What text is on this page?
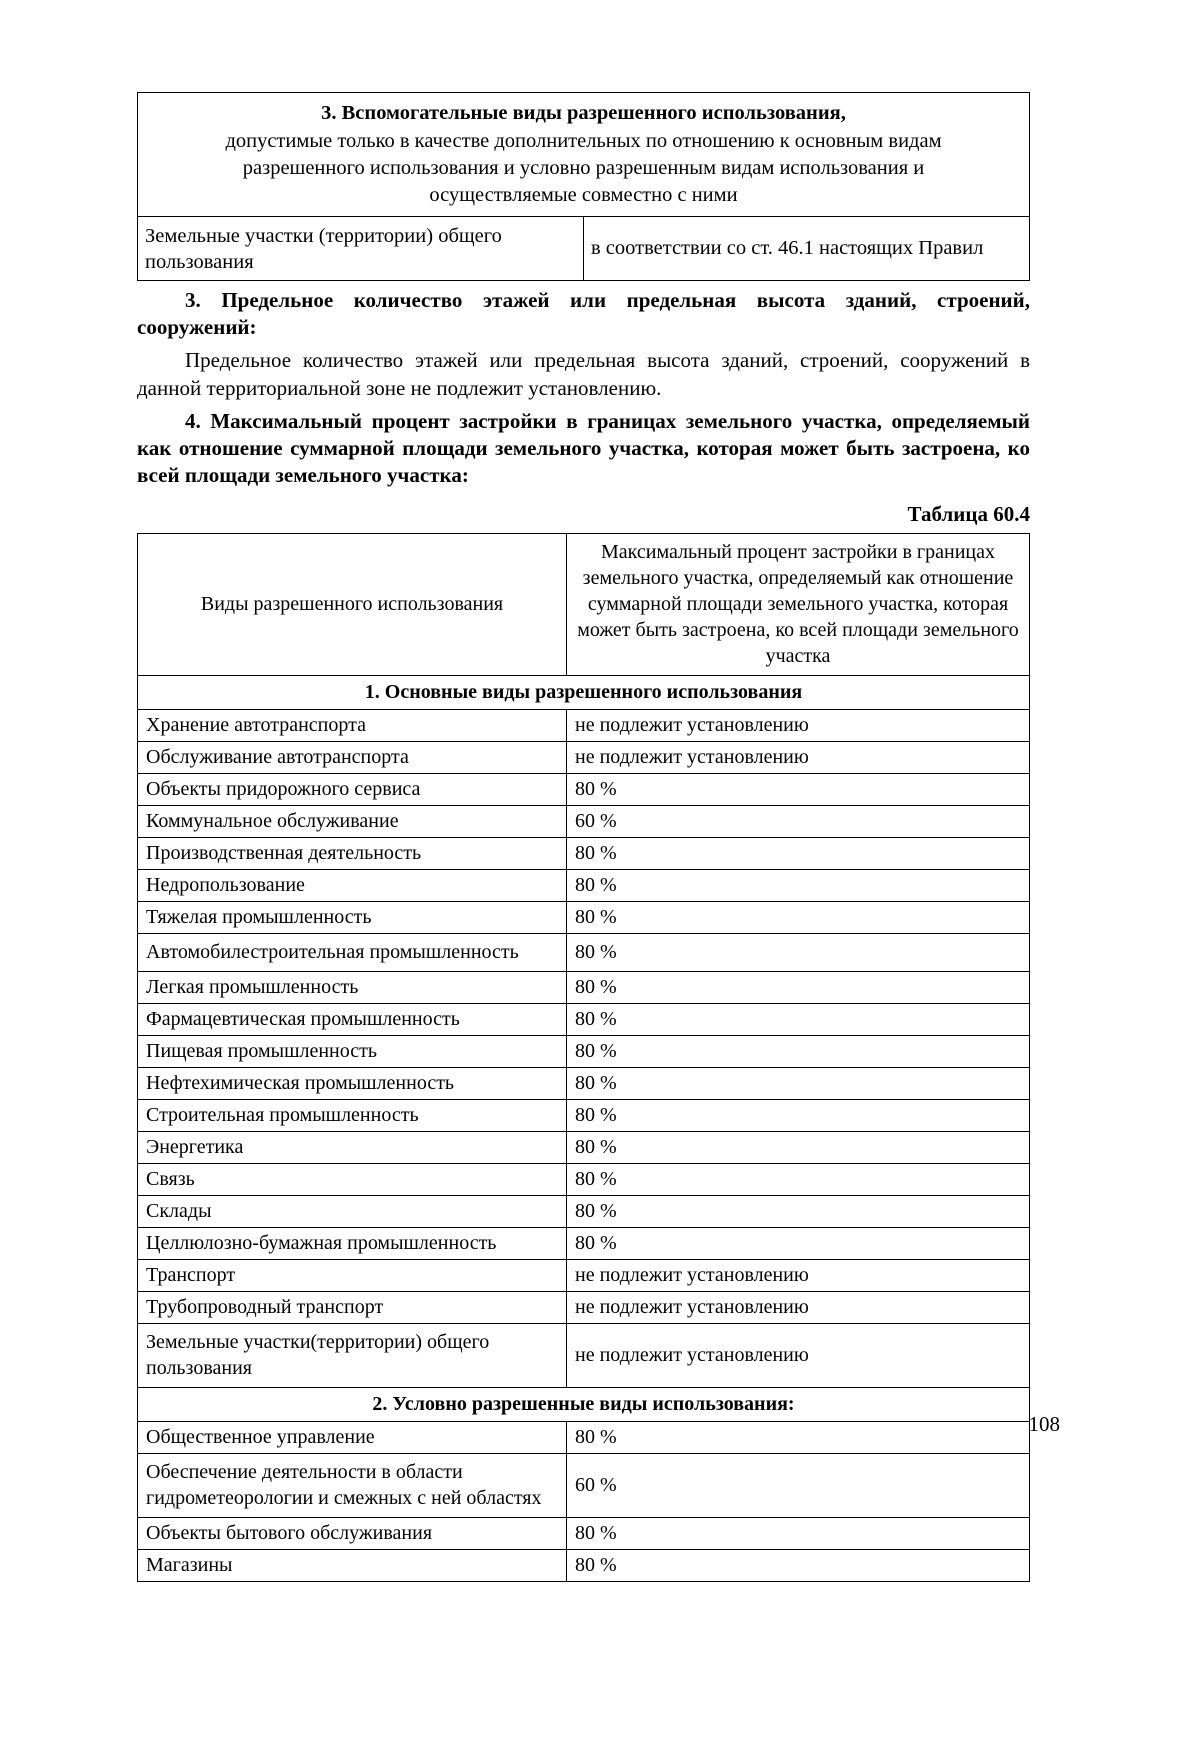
3. Вспомогательные виды разрешенного использования,
допустимые только в качестве дополнительных по отношению к основным видам
разрешенного использования и условно разрешенным видам использования и
осуществляемые совместно с ними

Земельные участки (территории) общего пользования	в соответствии со ст. 46.1 настоящих Правил

3. Предельное количество этажей или предельная высота зданий, строений, сооружений:

Предельное количество этажей или предельная высота зданий, строений, сооружений в данной территориальной зоне не подлежит установлению.

4. Максимальный процент застройки в границах земельного участка, определяемый как отношение суммарной площади земельного участка, которая может быть застроена, ко всей площади земельного участка:

Таблица 60.4

Виды разрешенного использования	Максимальный процент застройки в границах земельного участка, определяемый как отношение суммарной площади земельного участка, которая может быть застроена, ко всей площади земельного участка
1. Основные виды разрешенного использования	
Хранение автотранспорта	не подлежит установлению
Обслуживание автотранспорта	не подлежит установлению
Объекты придорожного сервиса	80 %
Коммунальное обслуживание	60 %
Производственная деятельность	80 %
Недропользование	80 %
Тяжелая промышленность	80 %
Автомобилестроительная промышленность	80 %
Легкая промышленность	80 %
Фармацевтическая промышленность	80 %
Пищевая промышленность	80 %
Нефтехимическая промышленность	80 %
Строительная промышленность	80 %
Энергетика	80 %
Связь	80 %
Склады	80 %
Целлюлозно-бумажная промышленность	80 %
Транспорт	не подлежит установлению
Трубопроводный транспорт	не подлежит установлению
Земельные участки(территории) общего пользования	не подлежит установлению
2. Условно разрешенные виды использования:	
Общественное управление	80 %
Обеспечение деятельности в области гидрометеорологии и смежных с ней областях	60 %
Объекты бытового обслуживания	80 %
Магазины	80 %
108
